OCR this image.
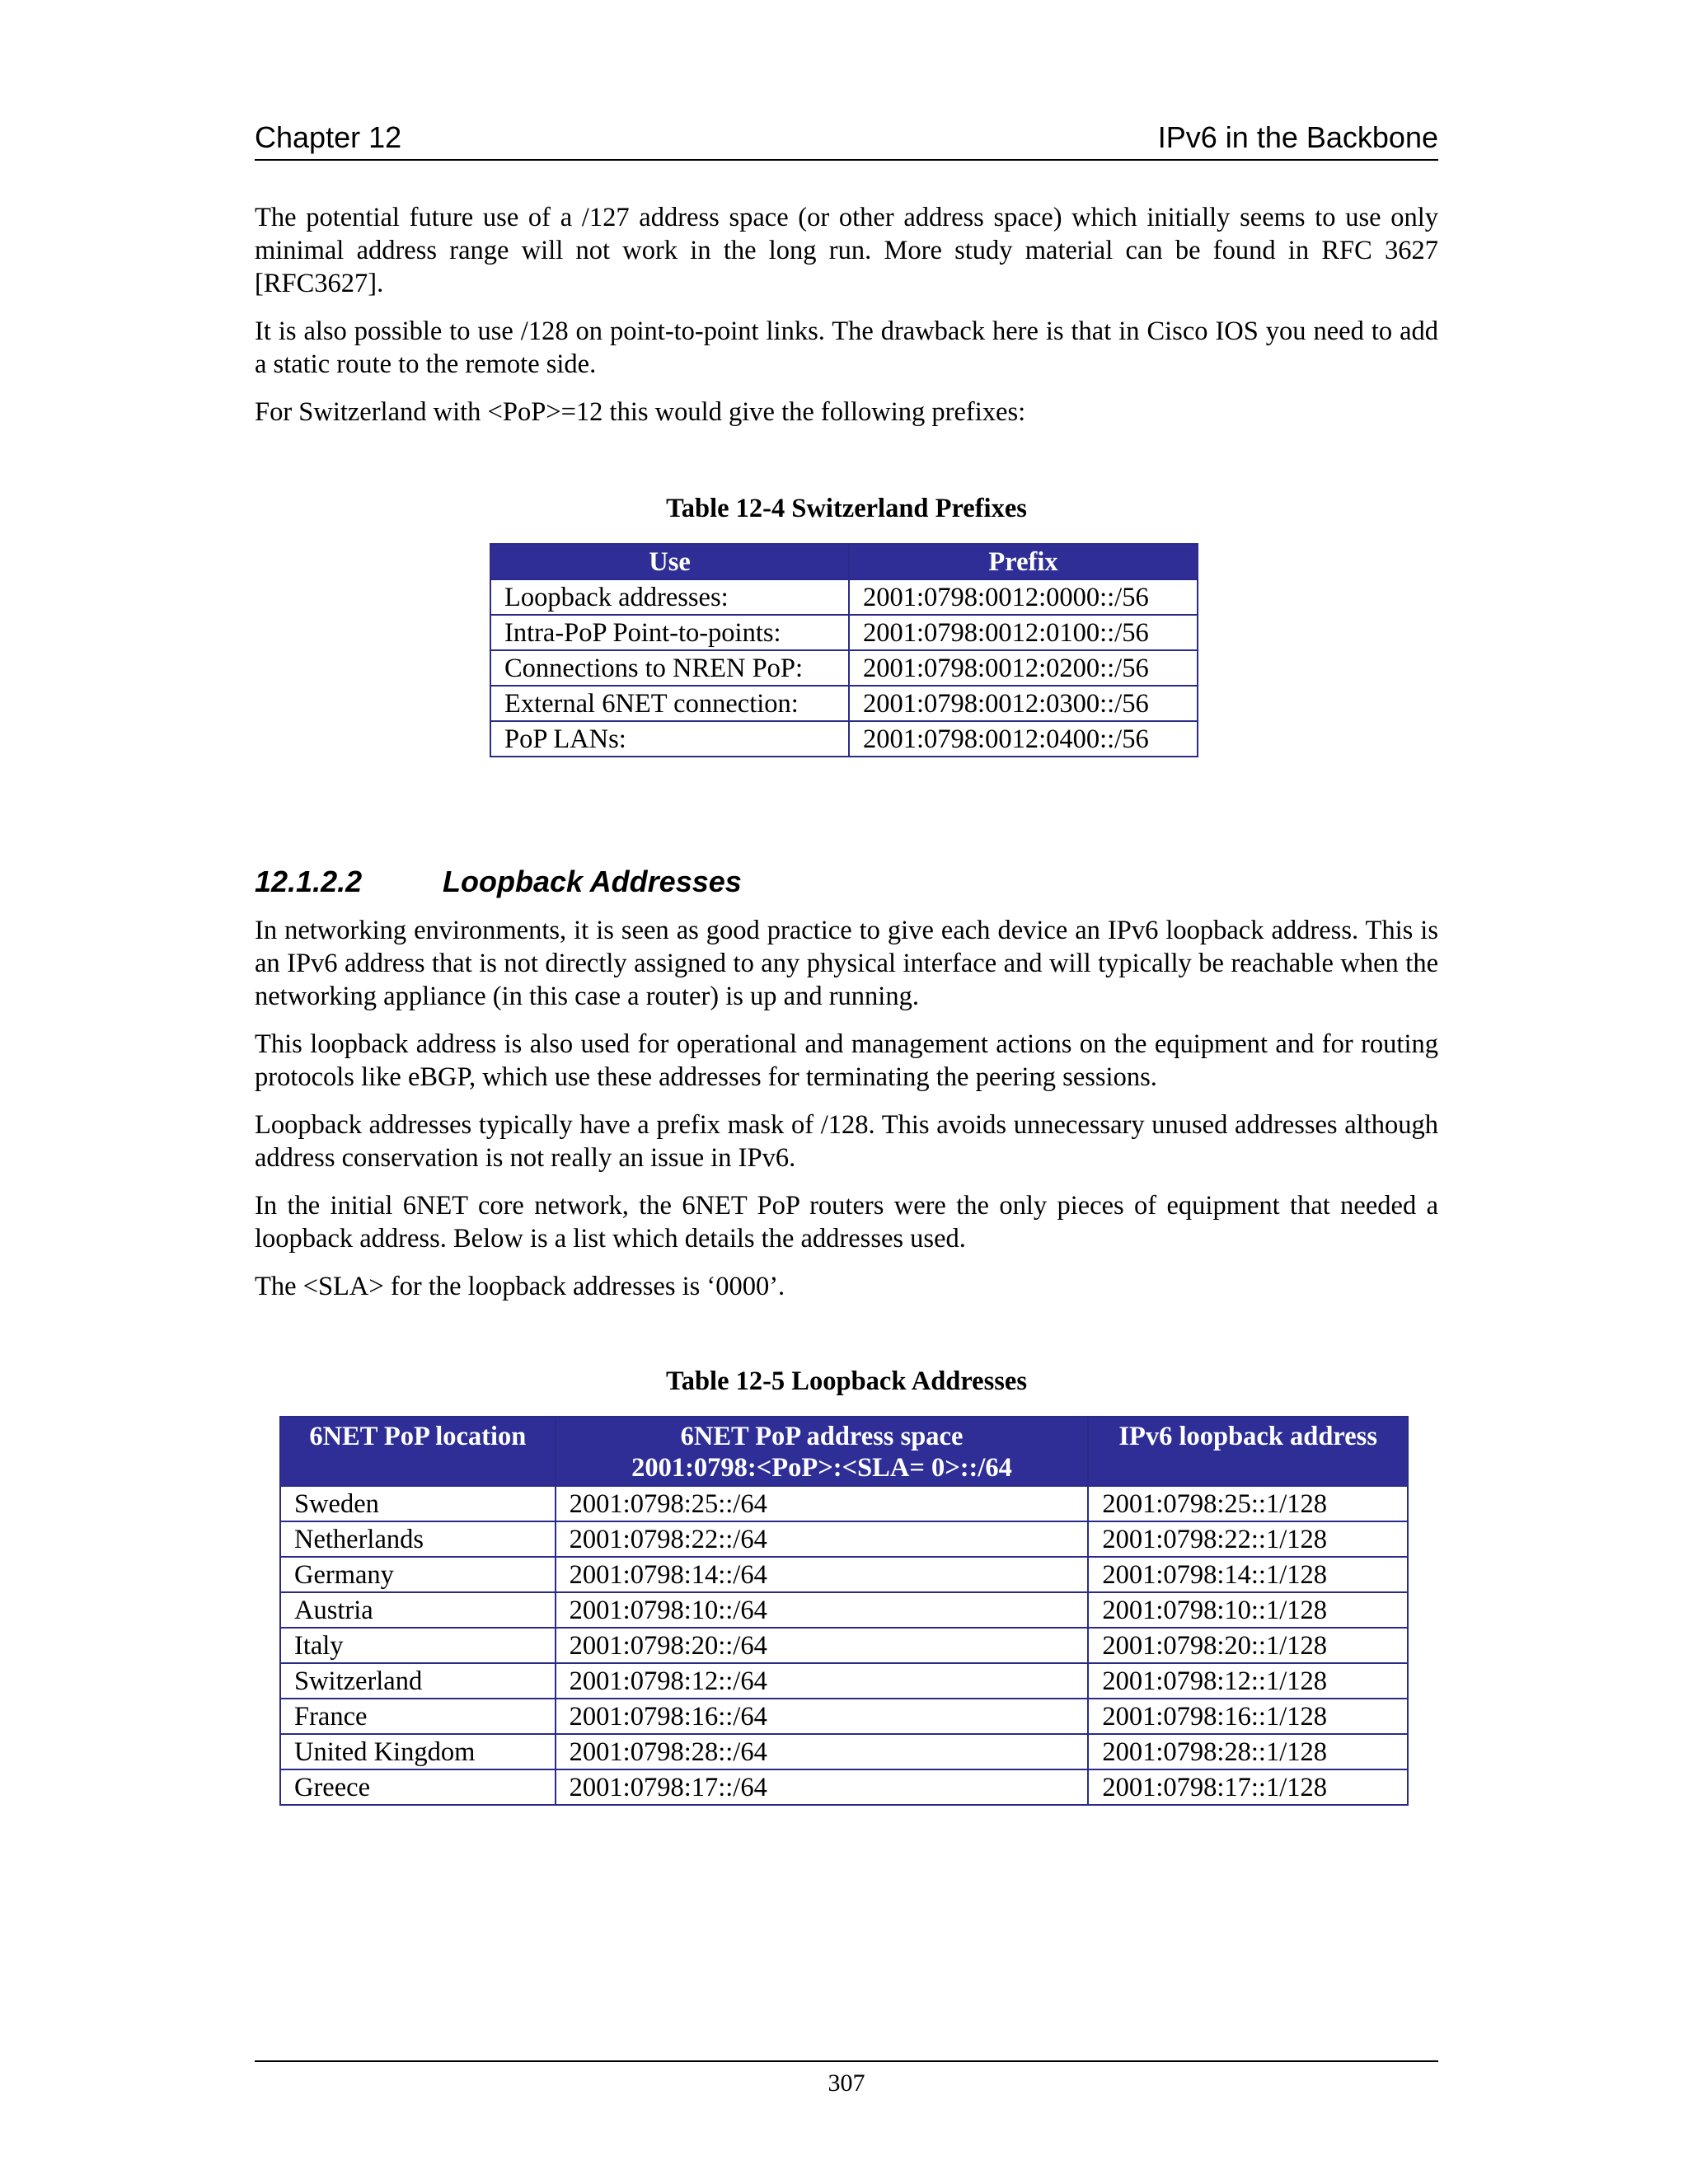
Chapter 12	IPv6 in the Backbone

The potential future use of a /127 address space (or other address space) which initially seems to use only minimal address range will not work in the long run. More study material can be found in RFC 3627 [RFC3627].

It is also possible to use /128 on point-to-point links. The drawback here is that in Cisco IOS you need to add a static route to the remote side.

For Switzerland with <PoP>=12 this would give the following prefixes:

Table 12-4 Switzerland Prefixes

Use	Prefix
Loopback addresses:	2001:0798:0012:0000::/56
Intra-PoP Point-to-points:	2001:0798:0012:0100::/56
Connections to NREN PoP:	2001:0798:0012:0200::/56
External 6NET connection:	2001:0798:0012:0300::/56
PoP LANs:	2001:0798:0012:0400::/56
12.1.2.2	Loopback Addresses

In networking environments, it is seen as good practice to give each device an IPv6 loopback address. This is an IPv6 address that is not directly assigned to any physical interface and will typically be reachable when the networking appliance (in this case a router) is up and running.

This loopback address is also used for operational and management actions on the equipment and for routing protocols like eBGP, which use these addresses for terminating the peering sessions.

Loopback addresses typically have a prefix mask of /128. This avoids unnecessary unused addresses although address conservation is not really an issue in IPv6.

In the initial 6NET core network, the 6NET PoP routers were the only pieces of equipment that needed a loopback address. Below is a list which details the addresses used.

The <SLA> for the loopback addresses is ‘0000’.

Table 12-5 Loopback Addresses

6NET PoP location	6NET PoP address space
2001:0798:<PoP>:<SLA= 0>::/64	IPv6 loopback address
Sweden	2001:0798:25::/64	2001:0798:25::1/128
Netherlands	2001:0798:22::/64	2001:0798:22::1/128
Germany	2001:0798:14::/64	2001:0798:14::1/128
Austria	2001:0798:10::/64	2001:0798:10::1/128
Italy	2001:0798:20::/64	2001:0798:20::1/128
Switzerland	2001:0798:12::/64	2001:0798:12::1/128
France	2001:0798:16::/64	2001:0798:16::1/128
United Kingdom	2001:0798:28::/64	2001:0798:28::1/128
Greece	2001:0798:17::/64	2001:0798:17::1/128
307
